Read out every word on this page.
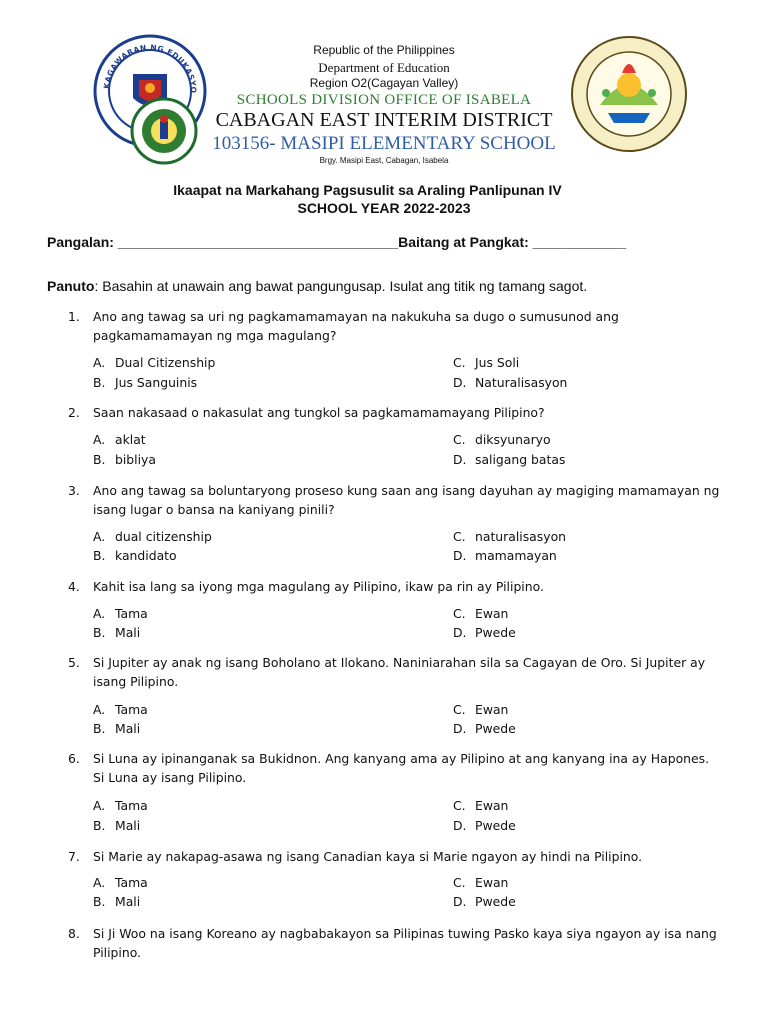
KAGAWARAN NG EDUKASYO
Republic of the Philippines
Department of Education
Region O2(Cagayan Valley)
SCHOOLS DIVISION OFFICE OF ISABELA
CABAGAN EAST INTERIM DISTRICT
103156- MASIPI ELEMENTARY SCHOOL
Brgy. Masipi East, Cabagan, Isabela
Ikaapat na Markahang Pagsusulit sa Araling Panlipunan IV
SCHOOL YEAR 2022-2023
Pangalan: ____________________________________Baitang at Pangkat: ____________
Panuto: Basahin at unawain ang bawat pangungusap. Isulat ang titik ng tamang sagot.
1.	Ano ang tawag sa uri ng pagkamamamayan na nakukuha sa dugo o sumusunod ang pagkamamamayan ng mga magulang?
A. Dual Citizenship	C. Jus Soli
B. Jus Sanguinis	D. Naturalisasyon
2.	Saan nakasaad o nakasulat ang tungkol sa pagkamamamayang Pilipino?
A. aklat	C. diksyunaryo
B. bibliya	D. saligang batas
3.	Ano ang tawag sa boluntaryong proseso kung saan ang isang dayuhan ay magiging mamamayan ng isang lugar o bansa na kaniyang pinili?
A. dual citizenship	C. naturalisasyon
B. kandidato	D. mamamayan
4.	Kahit isa lang sa iyong mga magulang ay Pilipino, ikaw pa rin ay Pilipino.
A. Tama	C. Ewan
B. Mali	D. Pwede
5.	Si Jupiter ay anak ng isang Boholano at Ilokano. Naniniarahan sila sa Cagayan de Oro. Si Jupiter ay isang Pilipino.
A. Tama	C. Ewan
B. Mali	D. Pwede
6.	Si Luna ay ipinanganak sa Bukidnon. Ang kanyang ama ay Pilipino at ang kanyang ina ay Hapones. Si Luna ay isang Pilipino.
A. Tama	C. Ewan
B. Mali	D. Pwede
7.	Si Marie ay nakapag-asawa ng isang Canadian kaya si Marie ngayon ay hindi na Pilipino.
A. Tama	C. Ewan
B. Mali	D. Pwede
8.	Si Ji Woo na isang Koreano ay nagbabakayon sa Pilipinas tuwing Pasko kaya siya ngayon ay isa nang Pilipino.
